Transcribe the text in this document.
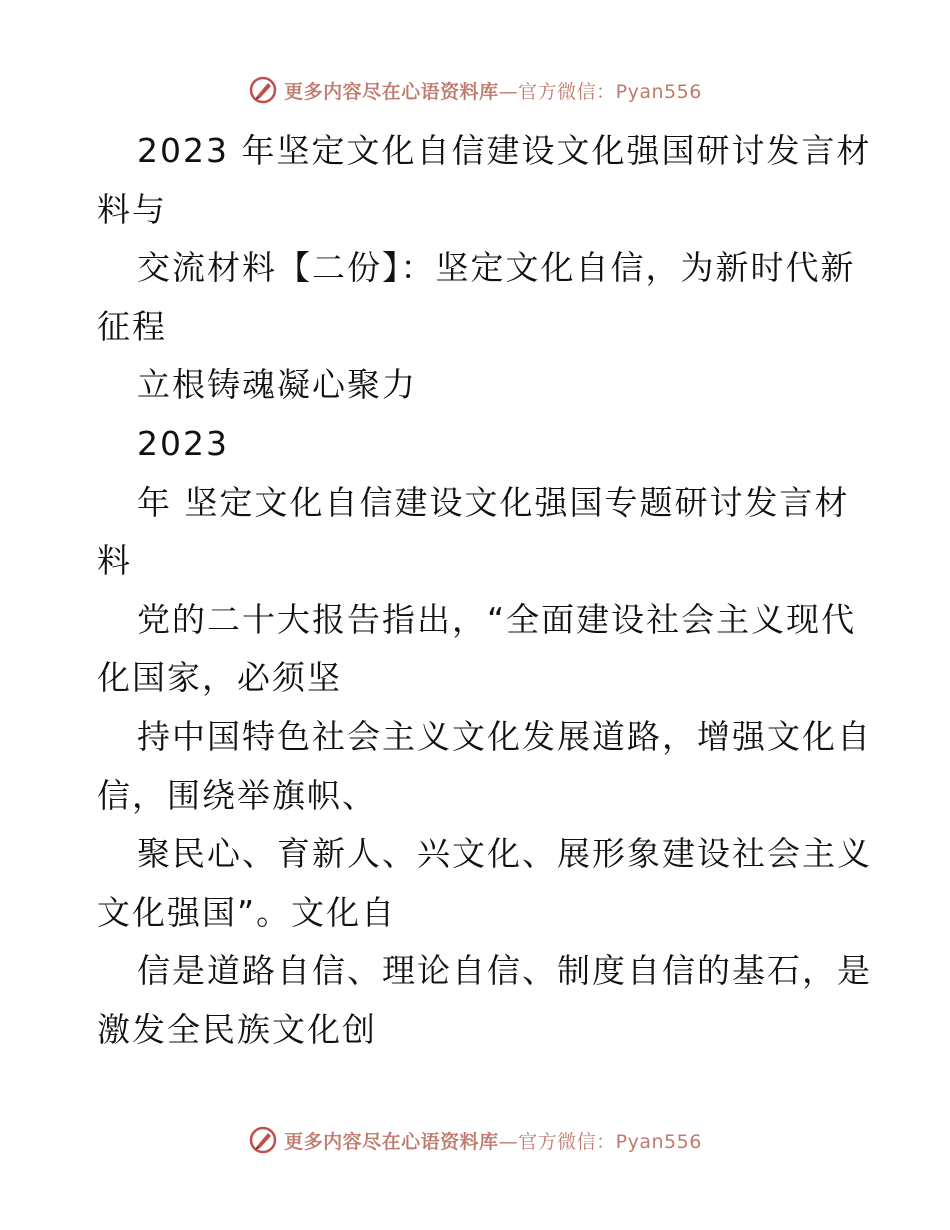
更多内容尽在心语资料库 —官方微信：Pyan556
2023 年坚定文化自信建设文化强国研讨发言材
料与
交流材料【二份】：坚定文化自信，为新时代新
征程
立根铸魂凝心聚力
2023
年 坚定文化自信建设文化强国专题研讨发言材
料
党的二十大报告指出，“全面建设社会主义现代
化国家，必须坚
持中国特色社会主义文化发展道路，增强文化自
信，围绕举旗帜、
聚民心、育新人、兴文化、展形象建设社会主义
文化强国”。文化自
信是道路自信、理论自信、制度自信的基石，是
激发全民族文化创
更多内容尽在心语资料库 —官方微信：Pyan556
